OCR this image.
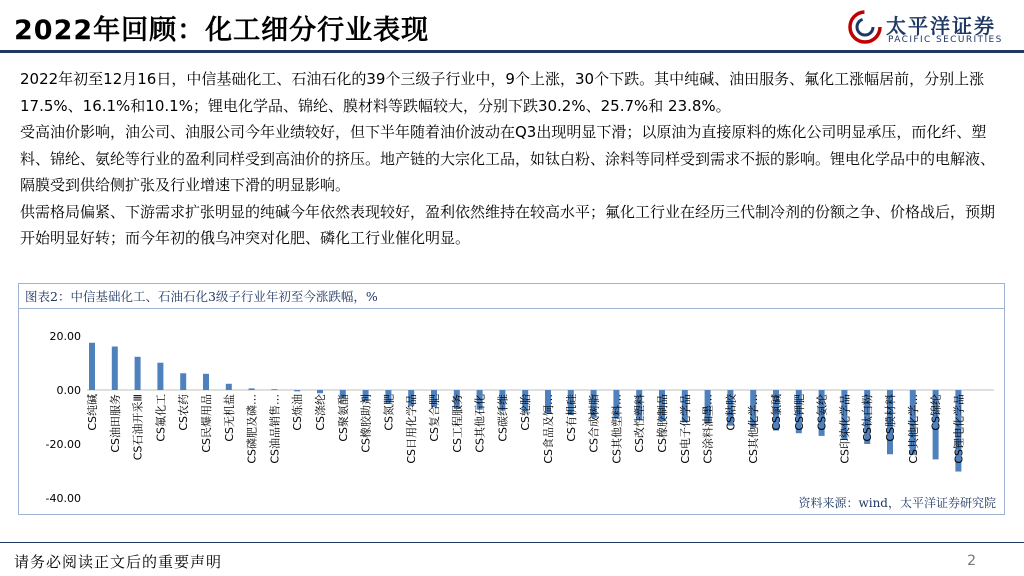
2022年回顾：化工细分行业表现	太平洋证券
PACIFIC SECURITIES

2022年初至12月16日，中信基础化工、石油石化的39个三级子行业中，9个上涨，30个下跌。其中纯碱、油田服务、氟化工涨幅居前，分别上涨17.5%、16.1%和10.1%；锂电化学品、锦纶、膜材料等跌幅较大，分别下跌30.2%、25.7%和 23.8%。

受高油价影响，油公司、油服公司今年业绩较好，但下半年随着油价波动在Q3出现明显下滑；以原油为直接原料的炼化公司明显承压，而化纤、塑料、锦纶、氨纶等行业的盈利同样受到高油价的挤压。地产链的大宗化工品，如钛白粉、涂料等同样受到需求不振的影响。锂电化学品中的电解液、隔膜受到供给侧扩张及行业增速下滑的明显影响。

供需格局偏紧、下游需求扩张明显的纯碱今年依然表现较好，盈利依然维持在较高水平；氟化工行业在经历三代制冷剂的份额之争、价格战后，预期开始明显好转；而今年初的俄乌冲突对化肥、磷化工行业催化明显。

图表2：中信基础化工、石油石化3级子行业年初至今涨跌幅，%
20.00
0.00
-20.00
-40.00
CS纯碱 CS油田服务 CS石油开采Ⅲ CS氟化工 CS农药 CS民爆用品 CS无机盐 CS磷肥及磷… CS油品销售… CS炼油 CS涤纶 CS聚氨酯 CS橡胶助剂 CS氮肥 CS日用化学品 CS复合肥 CS工程服务 CS其他石化 CS碳纤维 CS轮胎 CS食品及饲… CS有机硅 CS合成树脂 CS其他塑料… CS改性塑料 CS橡胶制品 CS电子化学品 CS涂料油墨… CS粘胶 CS其他化学… CS氯碱 CS钾肥 CS氨纶 CS印染化学品 CS钛白粉 CS膜材料 CS其他化学… CS锦纶 CS锂电化学品
资料来源：wind，太平洋证券研究院
请务必阅读正文后的重要声明	2
